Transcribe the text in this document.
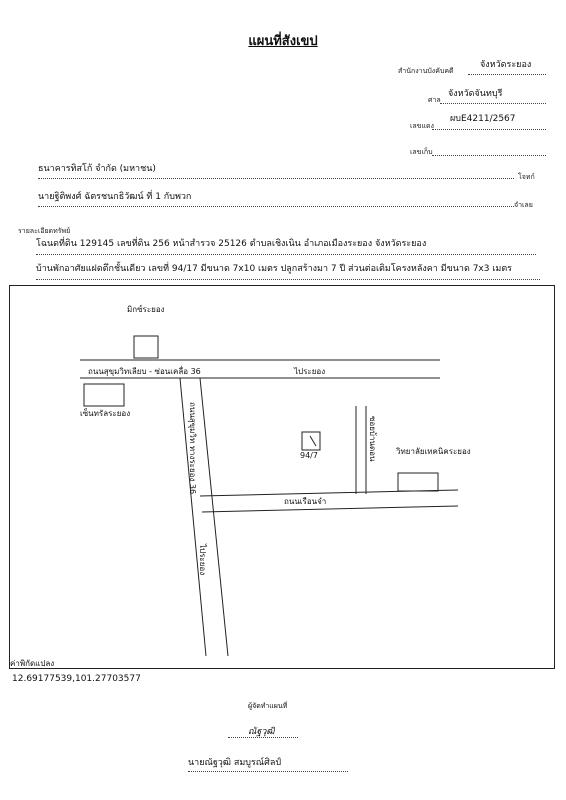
แผนที่สังเขป
สำนักงานบังคับคดี
จังหวัดระยอง
ศาล
จังหวัดจันทบุรี
เลขแดง
ผบE4211/2567
เลขเก็บ
ธนาคารทิสโก้ จำกัด (มหาชน)
โจทก์
นายฐิติพงศ์ ฉัตรชนกธิวัฒน์ ที่ 1 กับพวก
จำเลย
รายละเอียดทรัพย์
โฉนดที่ดิน 129145 เลขที่ดิน 256 หน้าสำรวจ 25126 ตำบลเชิงเนิน อำเภอเมืองระยอง จังหวัดระยอง
บ้านพักอาศัยแฝดตึกชั้นเดียว เลขที่ 94/17 มีขนาด 7x10 เมตร ปลูกสร้างมา 7 ปี ส่วนต่อเติมโครงหลังคา มีขนาด 7x3 เมตร
มิกซ์ระยอง
ถนนสุขุมวิทเลียบ - ซ่อนเคลื่อ 36	ไประยอง
เซ็นทรัลระยอง	ถนนสุขุมวิท ทางระยอง 36	94/7	ซอยบ้านดอน วิทยาลัยเทคนิคระยอง
ถนนเรือนจำ
ไประยอง
ค่าพิกัดแปลง
12.69177539,101.27703577
ผู้จัดทำแผนที่
ณัฐวุฒิ
นายณัฐวุฒิ สมบูรณ์ศิลป์
